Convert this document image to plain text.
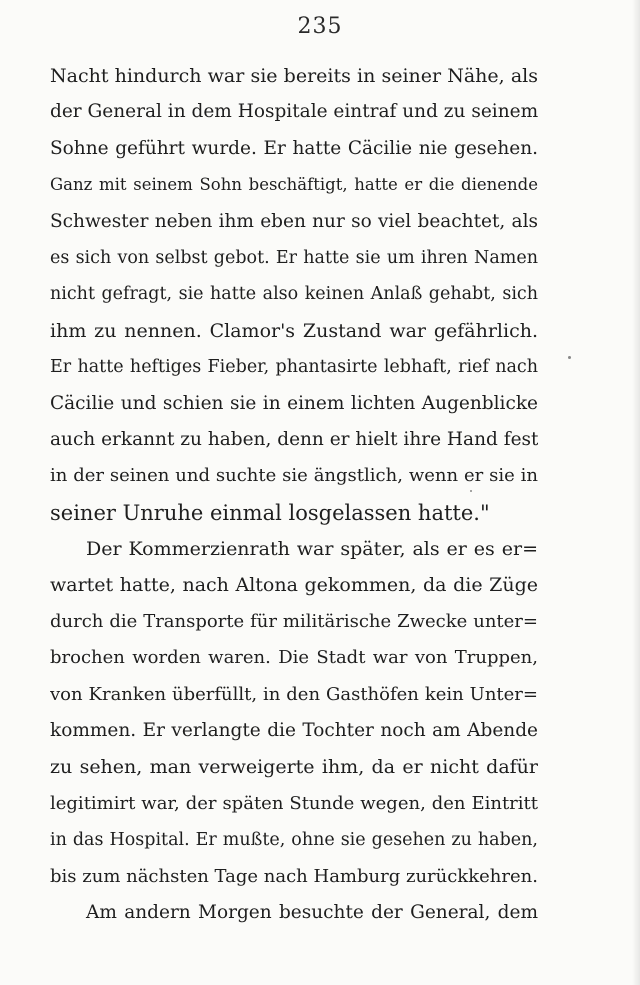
235
Nacht hindurch war sie bereits in seiner Nähe, als
der General in dem Hospitale eintraf und zu seinem
Sohne geführt wurde. Er hatte Cäcilie nie gesehen.
Ganz mit seinem Sohn beschäftigt, hatte er die dienende
Schwester neben ihm eben nur so viel beachtet, als
es sich von selbst gebot. Er hatte sie um ihren Namen
nicht gefragt, sie hatte also keinen Anlaß gehabt, sich
ihm zu nennen. Clamor's Zustand war gefährlich.
Er hatte heftiges Fieber, phantasirte lebhaft, rief nach
Cäcilie und schien sie in einem lichten Augenblicke
auch erkannt zu haben, denn er hielt ihre Hand fest
in der seinen und suchte sie ängstlich, wenn er sie in
seiner Unruhe einmal losgelassen hatte."
Der Kommerzienrath war später, als er es er=
wartet hatte, nach Altona gekommen, da die Züge
durch die Transporte für militärische Zwecke unter=
brochen worden waren. Die Stadt war von Truppen,
von Kranken überfüllt, in den Gasthöfen kein Unter=
kommen. Er verlangte die Tochter noch am Abende
zu sehen, man verweigerte ihm, da er nicht dafür
legitimirt war, der späten Stunde wegen, den Eintritt
in das Hospital. Er mußte, ohne sie gesehen zu haben,
bis zum nächsten Tage nach Hamburg zurückkehren.
Am andern Morgen besuchte der General, dem
